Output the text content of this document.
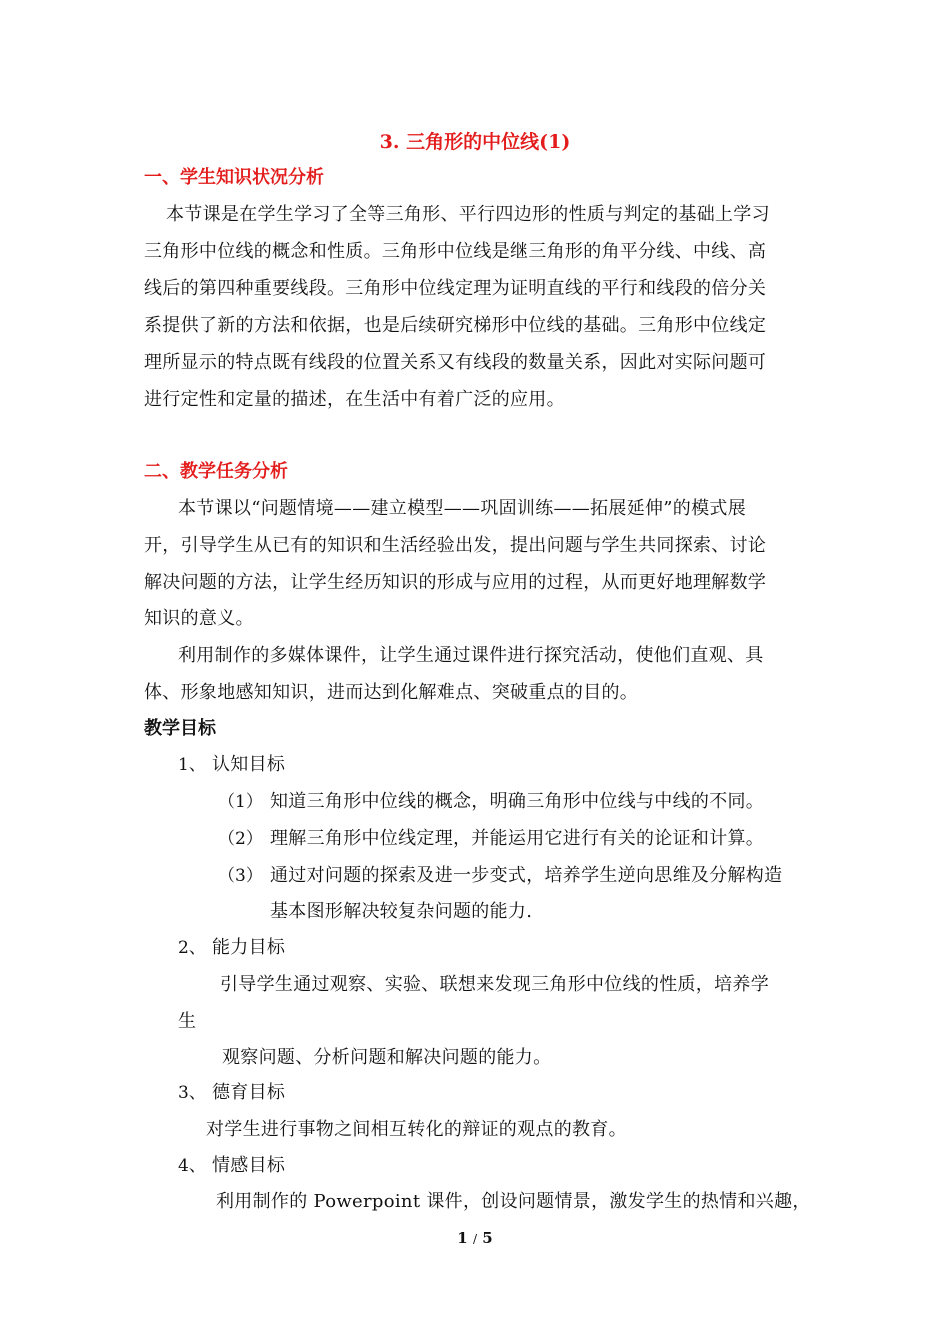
3. 三角形的中位线(1)
一、学生知识状况分析
本节课是在学生学习了全等三角形、平行四边形的性质与判定的基础上学习
三角形中位线的概念和性质。三角形中位线是继三角形的角平分线、中线、高
线后的第四种重要线段。三角形中位线定理为证明直线的平行和线段的倍分关
系提供了新的方法和依据，也是后续研究梯形中位线的基础。三角形中位线定
理所显示的特点既有线段的位置关系又有线段的数量关系，因此对实际问题可
进行定性和定量的描述，在生活中有着广泛的应用。
二、教学任务分析
本节课以“问题情境——建立模型——巩固训练——拓展延伸”的模式展
开，引导学生从已有的知识和生活经验出发，提出问题与学生共同探索、讨论
解决问题的方法，让学生经历知识的形成与应用的过程，从而更好地理解数学
知识的意义。
利用制作的多媒体课件，让学生通过课件进行探究活动，使他们直观、具
体、形象地感知知识，进而达到化解难点、突破重点的目的。
教学目标
1、 认知目标
（1） 知道三角形中位线的概念，明确三角形中位线与中线的不同。
（2） 理解三角形中位线定理，并能运用它进行有关的论证和计算。
（3） 通过对问题的探索及进一步变式，培养学生逆向思维及分解构造
基本图形解决较复杂问题的能力.
2、 能力目标
引导学生通过观察、实验、联想来发现三角形中位线的性质，培养学
生
观察问题、分析问题和解决问题的能力。
3、 德育目标
对学生进行事物之间相互转化的辩证的观点的教育。
4、 情感目标
利用制作的 Powerpoint 课件，创设问题情景，激发学生的热情和兴趣，
1 / 5
